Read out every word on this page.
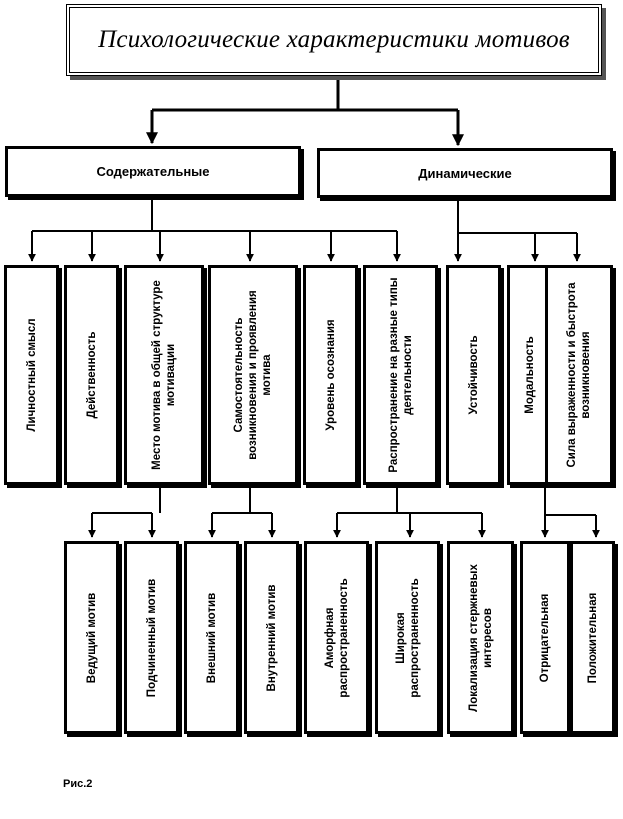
Психологические характеристики мотивов
Содержательные	Динамические
Личностный смысл	Действенность	Место мотива в общей структуре мотивации	Самостоятельность возникновения и проявления мотива	Уровень осознания	Распространение на разные типы деятельности	Устойчивость	Модальность	Сила выраженности и быстрота возникновения
Ведущий мотив	Подчиненный мотив	Внешний мотив	Внутренний мотив	Аморфная распространенность	Широкая распространенность	Локализация стержневых интересов	Отрицательная	Положительная
Рис.2
